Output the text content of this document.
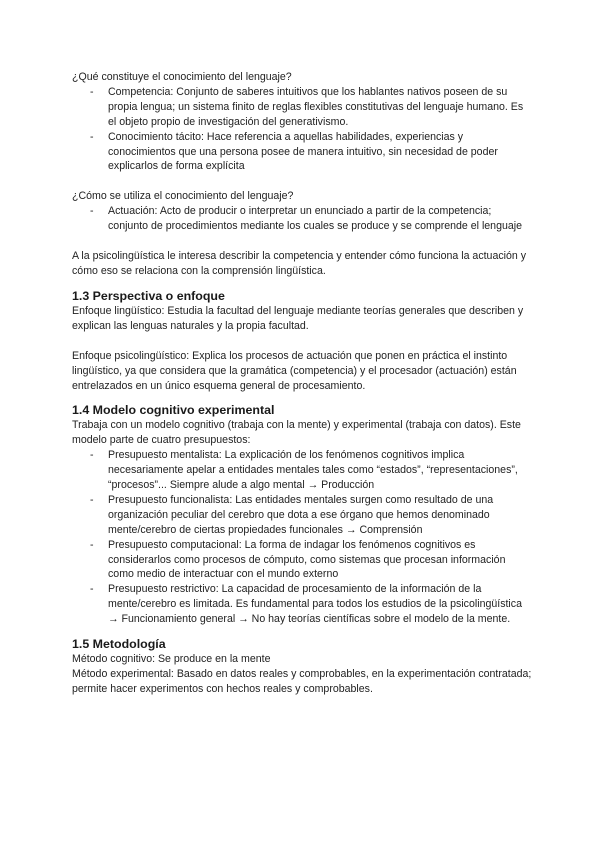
¿Qué constituye el conocimiento del lenguaje?

- Competencia: Conjunto de saberes intuitivos que los hablantes nativos poseen de su propia lengua; un sistema finito de reglas flexibles constitutivas del lenguaje humano. Es el objeto propio de investigación del generativismo.
- Conocimiento tácito: Hace referencia a aquellas habilidades, experiencias y conocimientos que una persona posee de manera intuitivo, sin necesidad de poder explicarlos de forma explícita

¿Cómo se utiliza el conocimiento del lenguaje?

- Actuación: Acto de producir o interpretar un enunciado a partir de la competencia; conjunto de procedimientos mediante los cuales se produce y se comprende el lenguaje

A la psicolingüística le interesa describir la competencia y entender cómo funciona la actuación y cómo eso se relaciona con la comprensión lingüística.

1.3 Perspectiva o enfoque

Enfoque lingüístico: Estudia la facultad del lenguaje mediante teorías generales que describen y explican las lenguas naturales y la propia facultad.

Enfoque psicolingüístico: Explica los procesos de actuación que ponen en práctica el instinto lingüístico, ya que considera que la gramática (competencia) y el procesador (actuación) están entrelazados en un único esquema general de procesamiento.

1.4 Modelo cognitivo experimental

Trabaja con un modelo cognitivo (trabaja con la mente) y experimental (trabaja con datos). Este modelo parte de cuatro presupuestos:

- Presupuesto mentalista: La explicación de los fenómenos cognitivos implica necesariamente apelar a entidades mentales tales como “estados”, “representaciones”, “procesos”... Siempre alude a algo mental → Producción
- Presupuesto funcionalista: Las entidades mentales surgen como resultado de una organización peculiar del cerebro que dota a ese órgano que hemos denominado mente/cerebro de ciertas propiedades funcionales → Comprensión
- Presupuesto computacional: La forma de indagar los fenómenos cognitivos es considerarlos como procesos de cómputo, como sistemas que procesan información como medio de interactuar con el mundo externo
- Presupuesto restrictivo: La capacidad de procesamiento de la información de la mente/cerebro es limitada. Es fundamental para todos los estudios de la psicolingüística → Funcionamiento general → No hay teorías científicas sobre el modelo de la mente.

1.5 Metodología

Método cognitivo: Se produce en la mente

Método experimental: Basado en datos reales y comprobables, en la experimentación contratada; permite hacer experimentos con hechos reales y comprobables.
